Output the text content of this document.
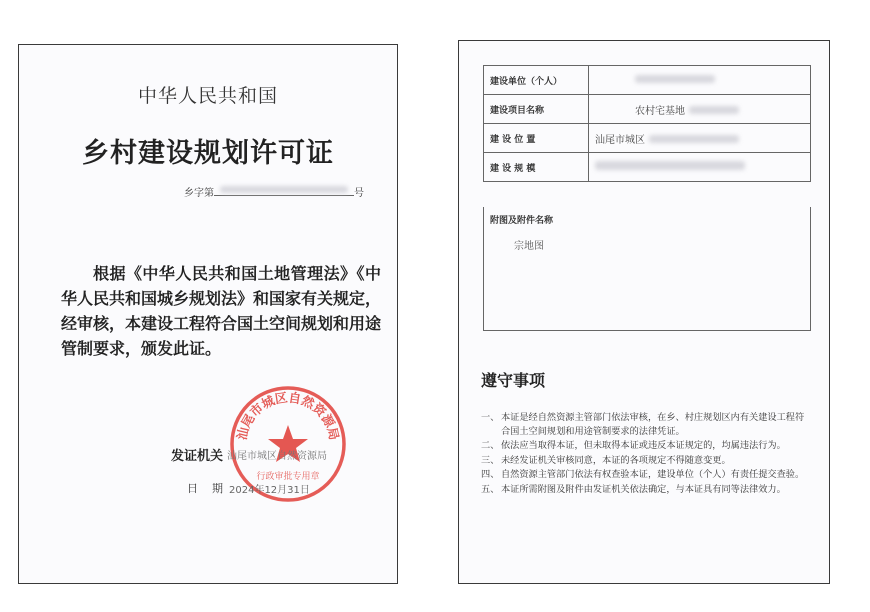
中华人民共和国
乡村建设规划许可证
乡字第	号
根据《中华人民共和国土地管理法》《中华人民共和国城乡规划法》和国家有关规定，经审核，本建设工程符合国土空间规划和用途管制要求，颁发此证。
汕尾市城区自然资源局
行政审批专用章
发证机关 汕尾市城区自然资源局
日期
2024年12月31日
建设单位（个人）	
建设项目名称	农村宅基地
建 设 位 置	汕尾市城区
建 设 规 模	
附图及附件名称
宗地图
遵守事项
一、 本证是经自然资源主管部门依法审核，在乡、村庄规划区内有关建设工程符合国土空间规划和用途管制要求的法律凭证。
二、 依法应当取得本证，但未取得本证或违反本证规定的，均属违法行为。
三、 未经发证机关审核同意，本证的各项规定不得随意变更。
四、 自然资源主管部门依法有权查验本证，建设单位（个人）有责任提交查验。
五、 本证所需附图及附件由发证机关依法确定，与本证具有同等法律效力。
